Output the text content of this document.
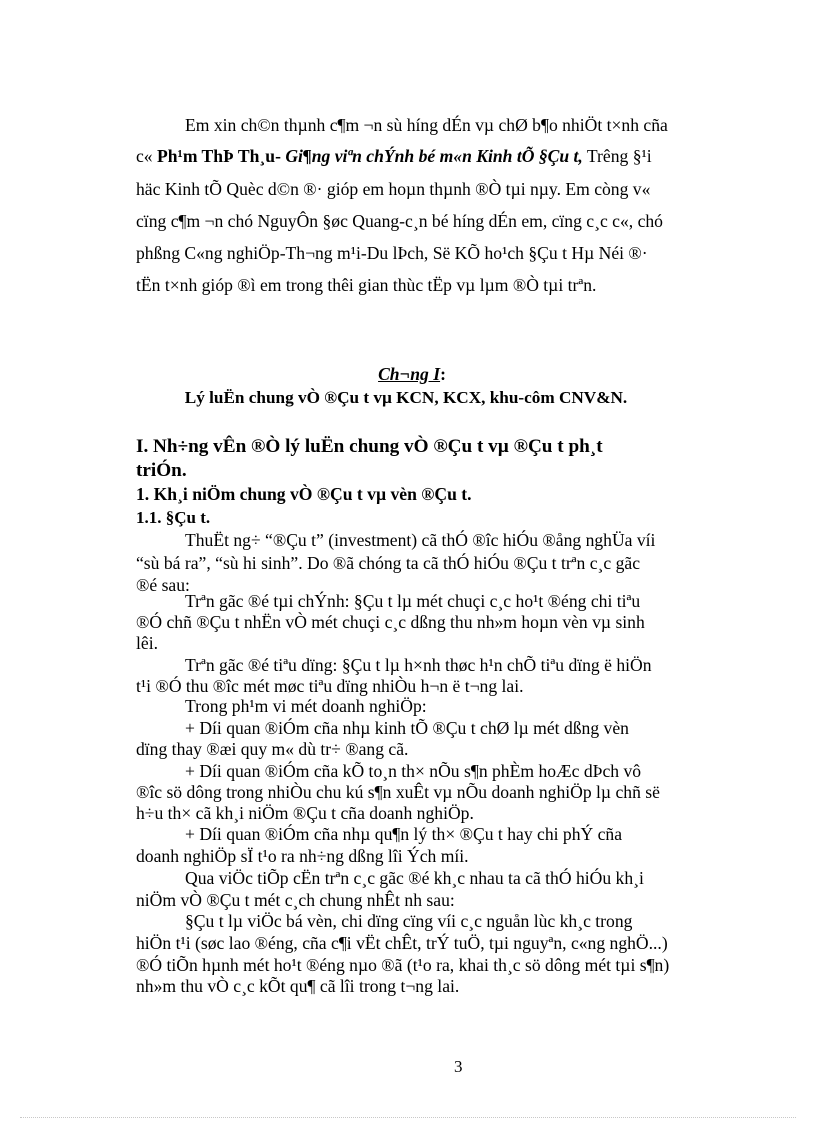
Em xin ch©n thµnh c¶m ¬n sù híng dÉn vµ chØ b¶o nhiÖt t×nh cña
c« Ph¹m ThÞ Th¸u- Gi¶ng viªn chÝnh bé m«n Kinh tÕ §Çu t, Trêng §¹i
häc Kinh tÕ Quèc d©n ®· gióp em hoµn thµnh ®Ò tµi nµy. Em còng v«
cïng c¶m ¬n chó NguyÔn §øc Quang-c¸n bé híng dÉn em, cïng c¸c c«, chó
phßng C«ng nghiÖp-Th¬ng m¹i-Du lÞch, Së KÕ ho¹ch §Çu t Hµ Néi ®·
tËn t×nh gióp ®ì em trong thêi gian thùc tËp vµ lµm ®Ò tµi trªn.
Ch¬ng I:
Lý luËn chung vÒ ®Çu t vµ KCN, KCX, khu-côm CNV&N.
I. Nh÷ng vÊn ®Ò lý luËn chung vÒ ®Çu t vµ ®Çu t ph¸t
triÓn.
1. Kh¸i niÖm chung vÒ ®Çu t vµ vèn ®Çu t.
1.1. §Çu t.
ThuËt ng÷ “®Çu t” (investment) cã thÓ ®îc hiÓu ®ång nghÜa víi
“sù bá ra”, “sù hi sinh”. Do ®ã chóng ta cã thÓ hiÓu ®Çu t trªn c¸c gãc
®é sau:
Trªn gãc ®é tµi chÝnh: §Çu t lµ mét chuçi c¸c ho¹t ®éng chi tiªu
®Ó chñ ®Çu t nhËn vÒ mét chuçi c¸c dßng thu nh»m hoµn vèn vµ sinh
lêi.
Trªn gãc ®é tiªu dïng: §Çu t lµ h×nh thøc h¹n chÕ tiªu dïng ë hiÖn
t¹i ®Ó thu ®îc mét møc tiªu dïng nhiÒu h¬n ë t¬ng lai.
Trong ph¹m vi mét doanh nghiÖp:
+ Díi quan ®iÓm cña nhµ kinh tÕ ®Çu t chØ lµ mét dßng vèn
dïng thay ®æi quy m« dù tr÷ ®ang cã.
+ Díi quan ®iÓm cña kÕ to¸n th× nÕu s¶n phÈm hoÆc dÞch vô
®îc sö dông trong nhiÒu chu kú s¶n xuÊt vµ nÕu doanh nghiÖp lµ chñ së
h÷u th× cã kh¸i niÖm ®Çu t cña doanh nghiÖp.
+ Díi quan ®iÓm cña nhµ qu¶n lý th× ®Çu t hay chi phÝ cña
doanh nghiÖp sÏ t¹o ra nh÷ng dßng lîi Ých míi.
Qua viÖc tiÕp cËn trªn c¸c gãc ®é kh¸c nhau ta cã thÓ hiÓu kh¸i
niÖm vÒ ®Çu t mét c¸ch chung nhÊt nh sau:
§Çu t lµ viÖc bá vèn, chi dïng cïng víi c¸c nguån lùc kh¸c trong
hiÖn t¹i (søc lao ®éng, cña c¶i vËt chÊt, trÝ tuÖ, tµi nguyªn, c«ng nghÖ...)
®Ó tiÕn hµnh mét ho¹t ®éng nµo ®ã (t¹o ra, khai th¸c sö dông mét tµi s¶n)
nh»m thu vÒ c¸c kÕt qu¶ cã lîi trong t¬ng lai.
3
